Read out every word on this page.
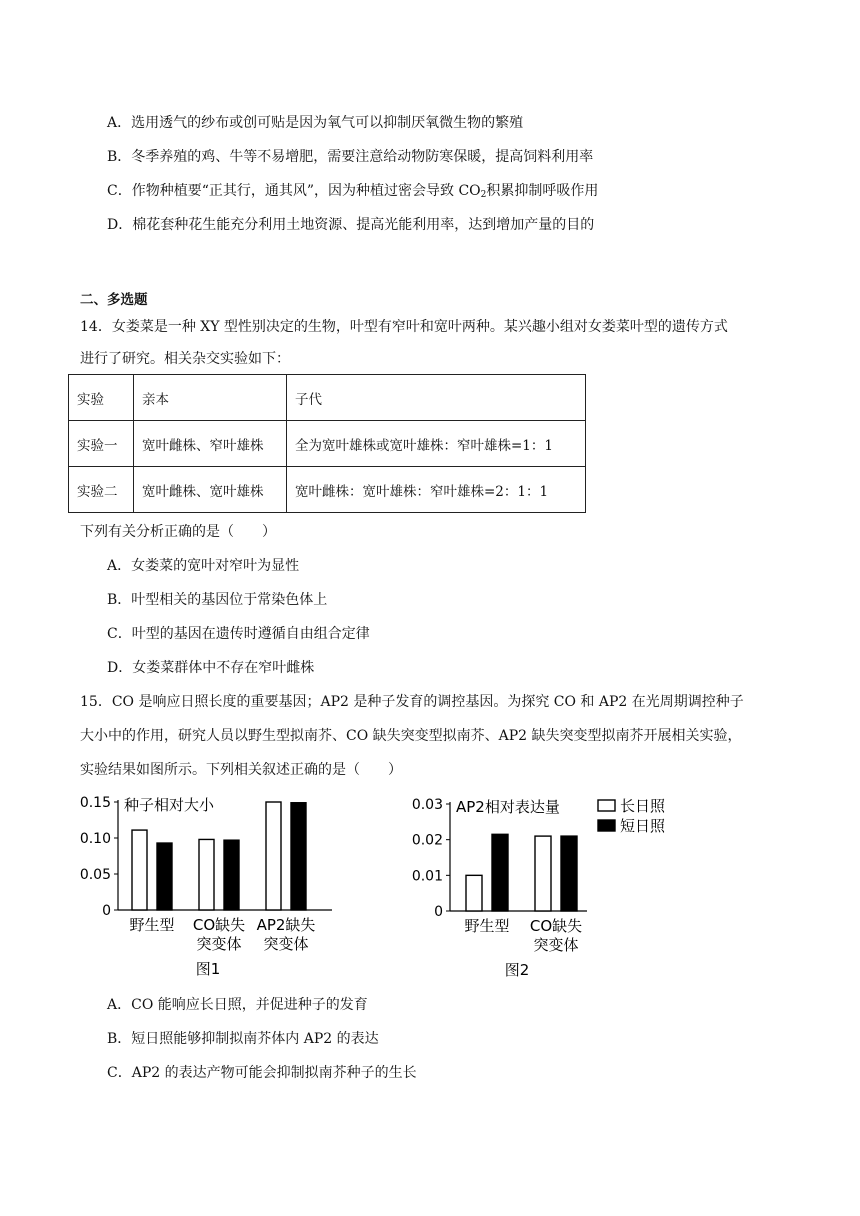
A．选用透气的纱布或创可贴是因为氧气可以抑制厌氧微生物的繁殖
B．冬季养殖的鸡、牛等不易增肥，需要注意给动物防寒保暖，提高饲料利用率
C．作物种植要“正其行，通其风”，因为种植过密会导致 $CO_2$积累抑制呼吸作用
D．棉花套种花生能充分利用土地资源、提高光能利用率，达到增加产量的目的
二、多选题
14．女娄菜是一种 XY 型性别决定的生物，叶型有窄叶和宽叶两种。某兴趣小组对女娄菜叶型的遗传方式
进行了研究。相关杂交实验如下：
实验	亲本	子代
实验一	宽叶雌株、窄叶雄株	全为宽叶雄株或宽叶雄株：窄叶雄株=1：1
实验二	宽叶雌株、宽叶雄株	宽叶雌株：宽叶雄株：窄叶雄株=2：1：1
下列有关分析正确的是（　　）
A．女娄菜的宽叶对窄叶为显性
B．叶型相关的基因位于常染色体上
C．叶型的基因在遗传时遵循自由组合定律
D．女娄菜群体中不存在窄叶雌株
15．CO 是响应日照长度的重要基因；AP2 是种子发育的调控基因。为探究 CO 和 AP2 在光周期调控种子
大小中的作用，研究人员以野生型拟南芥、CO 缺失突变型拟南芥、AP2 缺失突变型拟南芥开展相关实验，
实验结果如图所示。下列相关叙述正确的是（　　）
0
0.05
0.10
0.15 种子相对大小
野生型 CO缺失
突变体
AP2缺失
突变体
图1
0
0.01
0.02
0.03 AP2相对表达量
野生型 CO缺失
突变体
图2
长日照
短日照
A．CO 能响应长日照，并促进种子的发育
B．短日照能够抑制拟南芥体内 AP2 的表达
C．AP2 的表达产物可能会抑制拟南芥种子的生长
